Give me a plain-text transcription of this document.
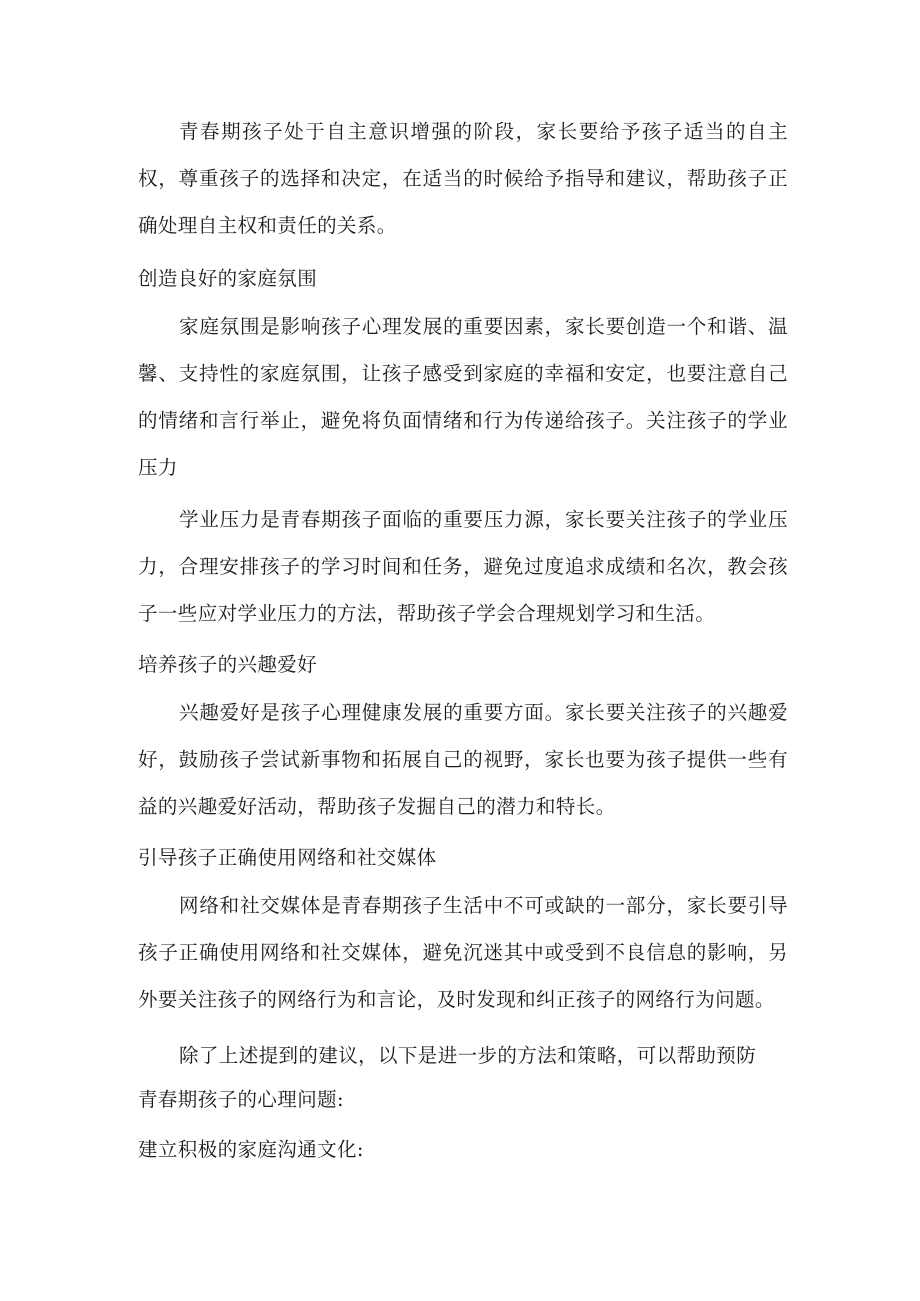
青春期孩子处于自主意识增强的阶段，家长要给予孩子适当的自主权，尊重孩子的选择和决定，在适当的时候给予指导和建议，帮助孩子正确处理自主权和责任的关系。

创造良好的家庭氛围

家庭氛围是影响孩子心理发展的重要因素，家长要创造一个和谐、温馨、支持性的家庭氛围，让孩子感受到家庭的幸福和安定，也要注意自己的情绪和言行举止，避免将负面情绪和行为传递给孩子。关注孩子的学业压力

学业压力是青春期孩子面临的重要压力源，家长要关注孩子的学业压力，合理安排孩子的学习时间和任务，避免过度追求成绩和名次，教会孩子一些应对学业压力的方法，帮助孩子学会合理规划学习和生活。

培养孩子的兴趣爱好

兴趣爱好是孩子心理健康发展的重要方面。家长要关注孩子的兴趣爱好，鼓励孩子尝试新事物和拓展自己的视野，家长也要为孩子提供一些有益的兴趣爱好活动，帮助孩子发掘自己的潜力和特长。

引导孩子正确使用网络和社交媒体

网络和社交媒体是青春期孩子生活中不可或缺的一部分，家长要引导孩子正确使用网络和社交媒体，避免沉迷其中或受到不良信息的影响，另外要关注孩子的网络行为和言论，及时发现和纠正孩子的网络行为问题。

除了上述提到的建议，以下是进一步的方法和策略，可以帮助预防青春期孩子的心理问题:

建立积极的家庭沟通文化:
